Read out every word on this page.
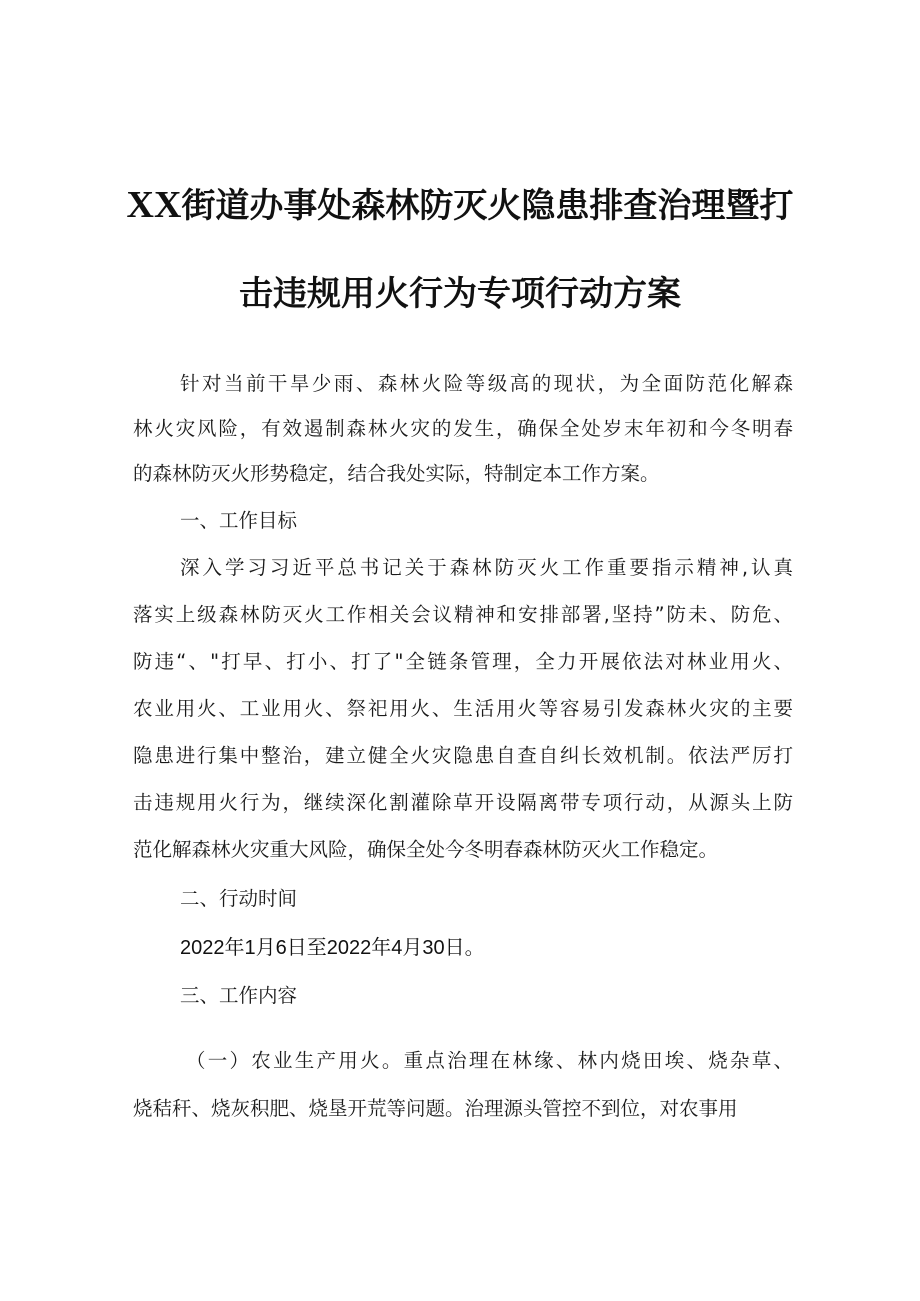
XX街道办事处森林防灭火隐患排查治理暨打
击违规用火行为专项行动方案
针对当前干旱少雨、森林火险等级高的现状，为全面防范化解森
林火灾风险，有效遏制森林火灾的发生，确保全处岁末年初和今冬明春
的森林防灭火形势稳定，结合我处实际，特制定本工作方案。
一、工作目标
深入学习习近平总书记关于森林防灭火工作重要指示精神,认真
落实上级森林防灭火工作相关会议精神和安排部署,坚持”防未、防危、
防违“、"打早、打小、打了"全链条管理，全力开展依法对林业用火、
农业用火、工业用火、祭祀用火、生活用火等容易引发森林火灾的主要
隐患进行集中整治，建立健全火灾隐患自查自纠长效机制。依法严厉打
击违规用火行为，继续深化割灌除草开设隔离带专项行动，从源头上防
范化解森林火灾重大风险，确保全处今冬明春森林防灭火工作稳定。
二、行动时间
2022年1月6日至2022年4月30日。
三、工作内容
（一）农业生产用火。重点治理在林缘、林内烧田埃、烧杂草、
烧秸秆、烧灰积肥、烧垦开荒等问题。治理源头管控不到位，对农事用
